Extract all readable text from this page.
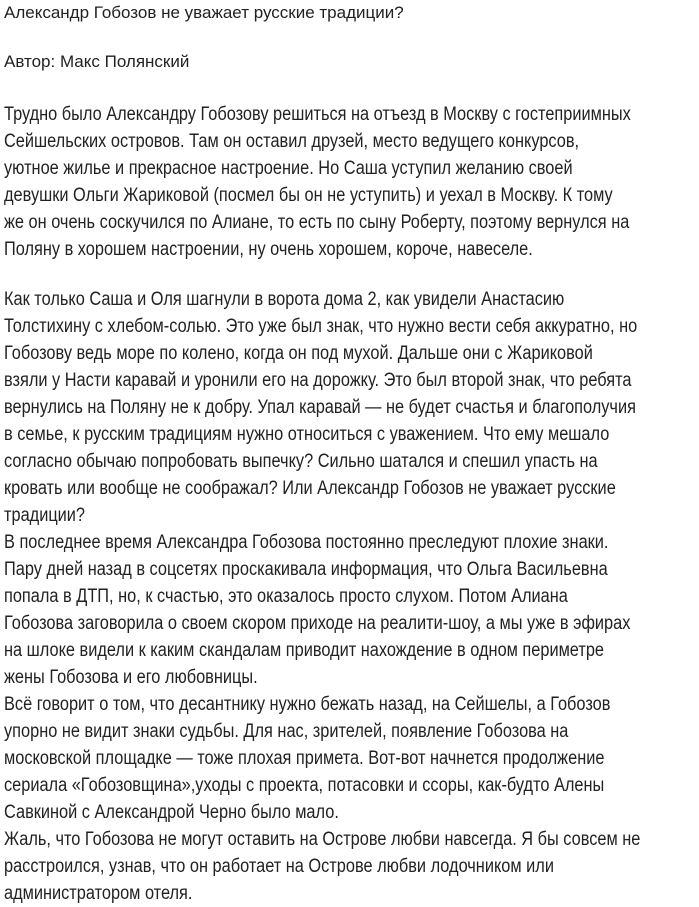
Александр Гобозов не уважает русские традиции?
Автор: Макс Полянский
Трудно было Александру Гобозову решиться на отъезд в Москву с гостеприимных
Сейшельских островов. Там он оставил друзей, место ведущего конкурсов,
уютное жилье и прекрасное настроение. Но Саша уступил желанию своей
девушки Ольги Жариковой (посмел бы он не уступить) и уехал в Москву. К тому
же он очень соскучился по Алиане, то есть по сыну Роберту, поэтому вернулся на
Поляну в хорошем настроении, ну очень хорошем, короче, навеселе.
Как только Саша и Оля шагнули в ворота дома 2, как увидели Анастасию
Толстихину с хлебом-солью. Это уже был знак, что нужно вести себя аккуратно, но
Гобозову ведь море по колено, когда он под мухой. Дальше они с Жариковой
взяли у Насти каравай и уронили его на дорожку. Это был второй знак, что ребята
вернулись на Поляну не к добру. Упал каравай — не будет счастья и благополучия
в семье, к русским традициям нужно относиться с уважением. Что ему мешало
согласно обычаю попробовать выпечку? Сильно шатался и спешил упасть на
кровать или вообще не соображал? Или Александр Гобозов не уважает русские
традиции?
В последнее время Александра Гобозова постоянно преследуют плохие знаки.
Пару дней назад в соцсетях проскакивала информация, что Ольга Васильевна
попала в ДТП, но, к счастью, это оказалось просто слухом. Потом Алиана
Гобозова заговорила о своем скором приходе на реалити-шоу, а мы уже в эфирах
на шлоке видели к каким скандалам приводит нахождение в одном периметре
жены Гобозова и его любовницы.
Всё говорит о том, что десантнику нужно бежать назад, на Сейшелы, а Гобозов
упорно не видит знаки судьбы. Для нас, зрителей, появление Гобозова на
московской площадке — тоже плохая примета. Вот-вот начнется продолжение
сериала «Гобозовщина»,уходы с проекта, потасовки и ссоры, как-будто Алены
Савкиной с Александрой Черно было мало.
Жаль, что Гобозова не могут оставить на Острове любви навсегда. Я бы совсем не
расстроился, узнав, что он работает на Острове любви лодочником или
администратором отеля.
